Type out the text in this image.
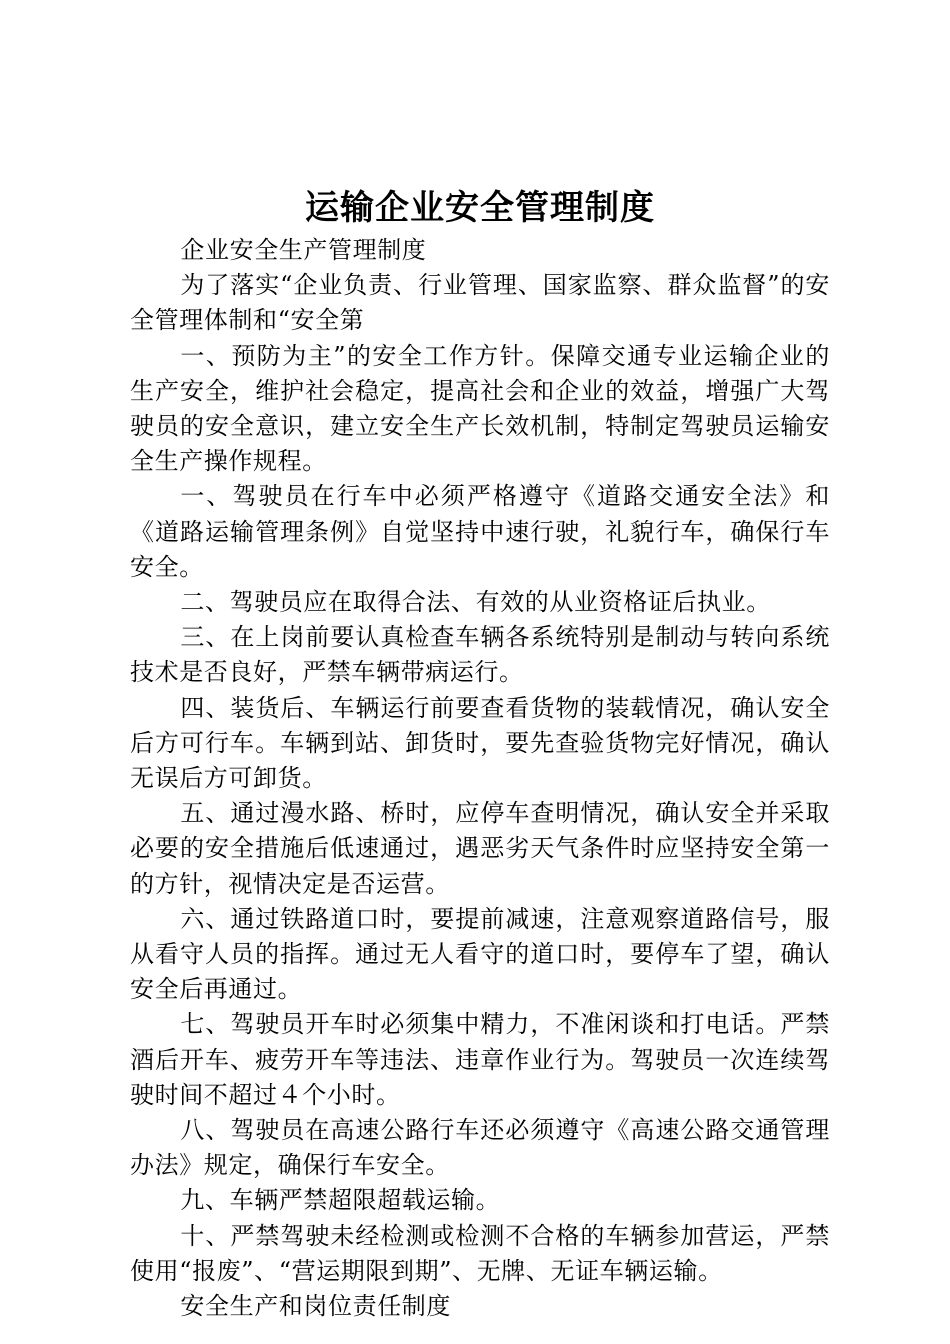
运输企业安全管理制度

企业安全生产管理制度

为了落实“企业负责、行业管理、国家监察、群众监督”的安全管理体制和“安全第

一、预防为主”的安全工作方针。保障交通专业运输企业的生产安全，维护社会稳定，提高社会和企业的效益，增强广大驾驶员的安全意识，建立安全生产长效机制，特制定驾驶员运输安全生产操作规程。

一、驾驶员在行车中必须严格遵守《道路交通安全法》和《道路运输管理条例》自觉坚持中速行驶，礼貌行车，确保行车安全。

二、驾驶员应在取得合法、有效的从业资格证后执业。

三、在上岗前要认真检查车辆各系统特别是制动与转向系统技术是否良好，严禁车辆带病运行。

四、装货后、车辆运行前要查看货物的装载情况，确认安全后方可行车。车辆到站、卸货时，要先查验货物完好情况，确认无误后方可卸货。

五、通过漫水路、桥时，应停车查明情况，确认安全并采取必要的安全措施后低速通过，遇恶劣天气条件时应坚持安全第一的方针，视情决定是否运营。

六、通过铁路道口时，要提前减速，注意观察道路信号，服从看守人员的指挥。通过无人看守的道口时，要停车了望，确认安全后再通过。

七、驾驶员开车时必须集中精力，不准闲谈和打电话。严禁酒后开车、疲劳开车等违法、违章作业行为。驾驶员一次连续驾驶时间不超过４个小时。

八、驾驶员在高速公路行车还必须遵守《高速公路交通管理办法》规定，确保行车安全。

九、车辆严禁超限超载运输。

十、严禁驾驶未经检测或检测不合格的车辆参加营运，严禁使用“报废”、“营运期限到期”、无牌、无证车辆运输。

安全生产和岗位责任制度
